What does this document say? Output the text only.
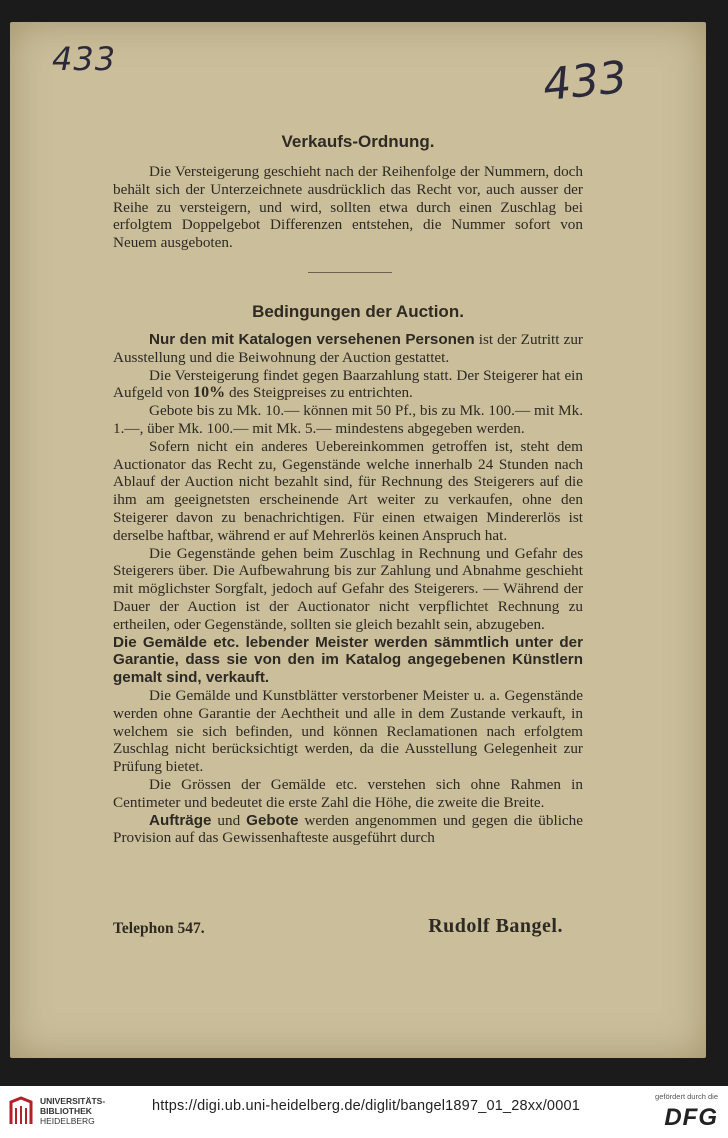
433	433
Verkaufs-Ordnung.

Die Versteigerung geschieht nach der Reihenfolge der Nummern, doch behält sich der Unterzeichnete ausdrücklich das Recht vor, auch ausser der Reihe zu versteigern, und wird, sollten etwa durch einen Zuschlag bei erfolgtem Doppelgebot Differenzen entstehen, die Nummer sofort von Neuem ausgeboten.

Bedingungen der Auction.

Nur den mit Katalogen versehenen Personen ist der Zutritt zur Ausstellung und die Beiwohnung der Auction gestattet.

Die Versteigerung findet gegen Baarzahlung statt. Der Steigerer hat ein Aufgeld von 10% des Steigpreises zu entrichten.

Gebote bis zu Mk. 10.— können mit 50 Pf., bis zu Mk. 100.— mit Mk. 1.—, über Mk. 100.— mit Mk. 5.— mindestens abgegeben werden.

Sofern nicht ein anderes Uebereinkommen getroffen ist, steht dem Auctionator das Recht zu, Gegenstände welche innerhalb 24 Stunden nach Ablauf der Auction nicht bezahlt sind, für Rechnung des Steigerers auf die ihm am geeignetsten erscheinende Art weiter zu verkaufen, ohne den Steigerer davon zu benachrichtigen. Für einen etwaigen Mindererlös ist derselbe haftbar, während er auf Mehrerlös keinen Anspruch hat.

Die Gegenstände gehen beim Zuschlag in Rechnung und Gefahr des Steigerers über. Die Aufbewahrung bis zur Zahlung und Abnahme geschieht mit möglichster Sorgfalt, jedoch auf Gefahr des Steigerers. — Während der Dauer der Auction ist der Auctionator nicht verpflichtet Rechnung zu ertheilen, oder Gegenstände, sollten sie gleich bezahlt sein, abzugeben.

Die Gemälde etc. lebender Meister werden sämmtlich unter der Garantie, dass sie von den im Katalog angegebenen Künstlern gemalt sind, verkauft.

Die Gemälde und Kunstblätter verstorbener Meister u. a. Gegenstände werden ohne Garantie der Aechtheit und alle in dem Zustande verkauft, in welchem sie sich befinden, und können Reclamationen nach erfolgtem Zuschlag nicht berücksichtigt werden, da die Ausstellung Gelegenheit zur Prüfung bietet.

Die Grössen der Gemälde etc. verstehen sich ohne Rahmen in Centimeter und bedeutet die erste Zahl die Höhe, die zweite die Breite.

Aufträge und Gebote werden angenommen und gegen die übliche Provision auf das Gewissenhafteste ausgeführt durch

Telephon 547.	Rudolf Bangel.
UNIVERSITÄTS-
BIBLIOTHEK
HEIDELBERG
https://digi.ub.uni-heidelberg.de/diglit/bangel1897_01_28xx/0001
gefördert durch die
DFG
